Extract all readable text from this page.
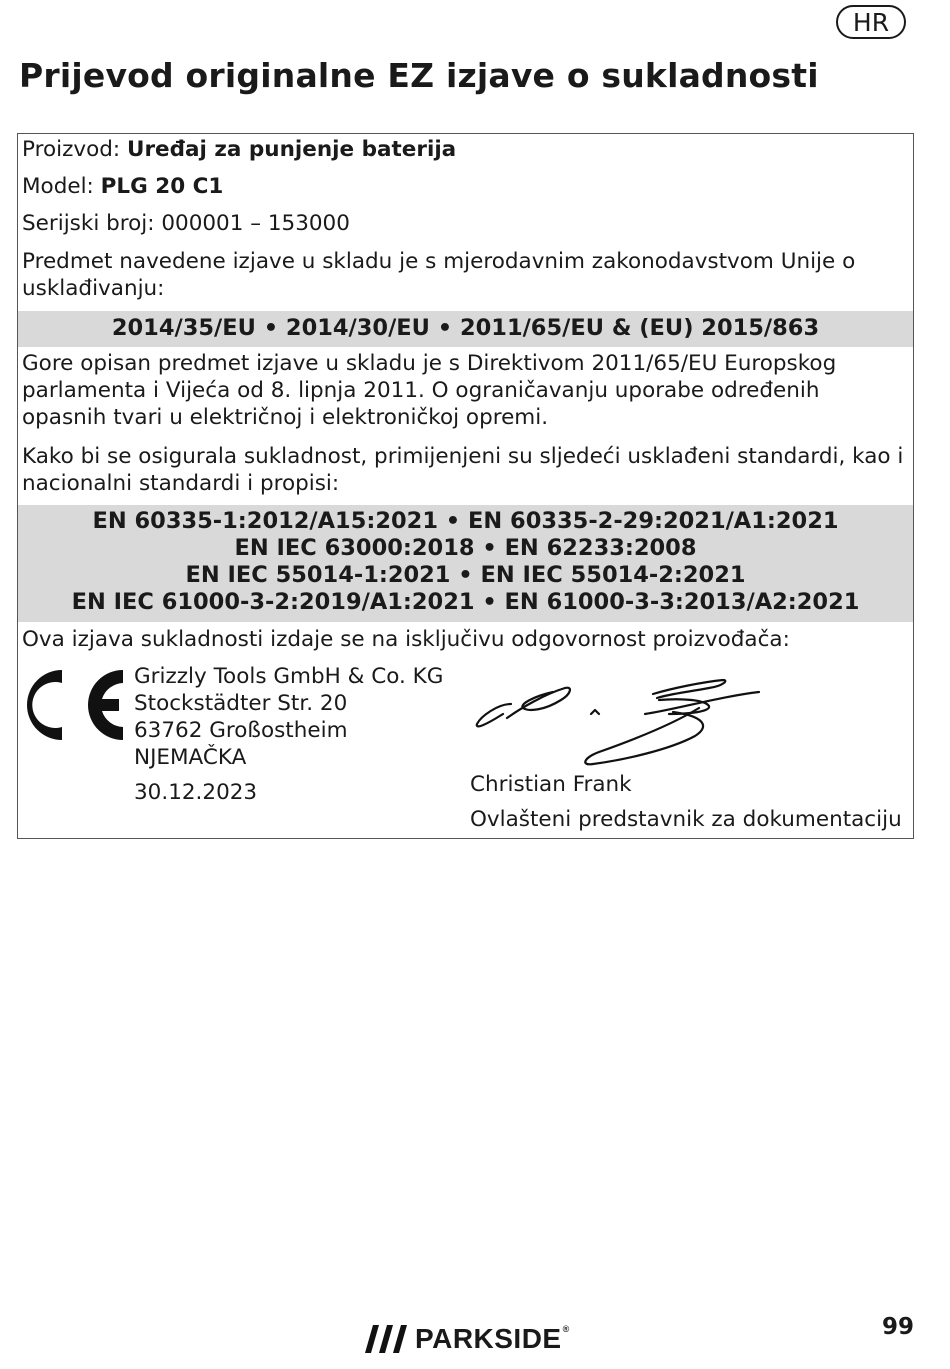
HR
Prijevod originalne EZ izjave o sukladnosti
Proizvod: Uređaj za punjenje baterija
Model: PLG 20 C1
Serijski broj: 000001 – 153000

Predmet navedene izjave u skladu je s mjerodavnim zakonodavstvom Unije o usklađivanju:

2014/35/EU • 2014/30/EU • 2011/65/EU & (EU) 2015/863

Gore opisan predmet izjave u skladu je s Direktivom 2011/65/EU Europskog parlamenta i Vijeća od 8. lipnja 2011. O ograničavanju uporabe određenih opasnih tvari u električnoj i elektroničkoj opremi.

Kako bi se osigurala sukladnost, primijenjeni su sljedeći usklađeni standardi, kao i nacionalni standardi i propisi:

EN 60335-1:2012/A15:2021 • EN 60335-2-29:2021/A1:2021
EN IEC 63000:2018 • EN 62233:2008
EN IEC 55014-1:2021 • EN IEC 55014-2:2021
EN IEC 61000-3-2:2019/A1:2021 • EN 61000-3-3:2013/A2:2021
Ova izjava sukladnosti izdaje se na isključivu odgovornost proizvođača:
Grizzly Tools GmbH & Co. KG
Stockstädter Str. 20
63762 Großostheim
NJEMAČKA
30.12.2023	Christian Frank
Ovlašteni predstavnik za dokumentaciju
PARKSIDE®	99
